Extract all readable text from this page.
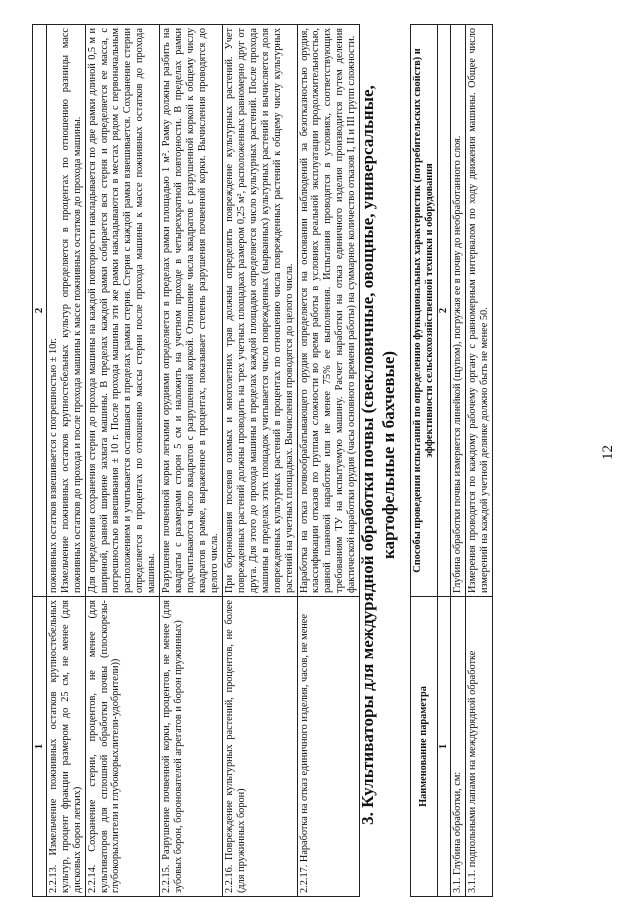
1	2
2.2.13. Измельчение пожнивных остатков крупностебельных культур, процент фракции размером до 25 см, не менее (для дисковых борон легких)	пожнивных остатков взвешивается с погрешностью ± 10г. Измельчение пожнивных остатков крупностебельных культур определяется в процентах по отношению разницы масс пожнивных остатков до прохода и после прохода машины к массе пожнивных остатков до прохода машины.

2.2.14. Сохранение стерни, процентов, не менее (для культиваторов для сплошной обработки почвы (плоскорезы-глубокорыхлители и глубокорыхлители-удобрители))	Для определения сохранения стерни до прохода машины на каждой повторности накладывается по две рамки длиной 0,5 м и шириной, равной ширине захвата машины. В пределах каждой рамки собирается вся стерня и определяется ее масса, с погрешностью взвешивания ± 10 г. После прохода машины эти же рамки накладываются в местах рядом с первоначальным расположением и учитывается оставшаяся в пределах рамки стерня. Стерня с каждой рамки взвешивается. Сохранение стерни определяется в процентах по отношению массы стерни после прохода машины к массе пожнивных остатков до прохода машины.
2.2.15. Разрушение почвенной корки, процентов, не менее (для зубовых борон, боронователей агрегатов и борон пружинных)	Разрушение почвенной корки легкими орудиями определяется в пределах рамки площадью 1 м². Рамку должны разбить на квадраты с размерами сторон 5 см и наложить на учетном проходе в четырехкратной повторности. В пределах рамки подсчитываются число квадратов с разрушенной коркой. Отношение числа квадратов с разрушенной коркой к общему числу квадратов в рамке, выраженное в процентах, показывает степень разрушения почвенной корки. Вычисления проводятся до целого числа.
2.2.16. Повреждение культурных растений, процентов, не более (для пружинных борон)	При боронования посевов озимых и многолетних трав должны определить повреждение культурных растений. Учет поврежденных растений должны проводить на трех учетных площадках размером 0,25 м², расположенных равномерно друг от друга. Для этого до прохода машины в пределах каждой площадки определяется число культурных растений. После прохода машины в пределах этих площадок учитывается число поврежденных (вырванных) культурных растений и вычисляется доля поврежденных культурных растений в процентах по отношению числа поврежденных растений к общему числу культурных растений на учетных площадках. Вычисления проводятся до целого числа.
2.2.17. Наработка на отказ единичного изделия, часов, не менее	Наработка на отказ почвообрабатывающего орудия определяется на основании наблюдений за безотказностью орудия, классификации отказов по группам сложности во время работы в условиях реальной эксплуатации продолжительностью, равной плановой наработке или не менее 75% ее выполнения. Испытания проводятся в условиях, соответствующих требованиям ТУ на испытуемую машину. Расчет наработки на отказ единичного изделия производится путем деления фактической наработки орудия (часы основного времени работы) на суммарное количество отказов I, II и III групп сложности. 3. Культиваторы для междурядной обработки почвы (свекловичные, овощные, универсальные, картофельные и бахчевые)
Наименование параметра	Способы проведения испытаний по определению функциональных характеристик (потребительских свойств) и эффективности сельскохозяйственной техники и оборудования
1	2
3.1. Глубина обработки, см:	Глубина обработки почвы измеряется линейкой (щупом), погружая ее в почву до необработанного слоя.
3.1.1. подпольными лапами на междурядной обработке	Измерения проводятся по каждому рабочему органу с равномерным интервалом по ходу движения машины. Общее число измерений на каждой учетной делянке должно быть не менее 50.	12
